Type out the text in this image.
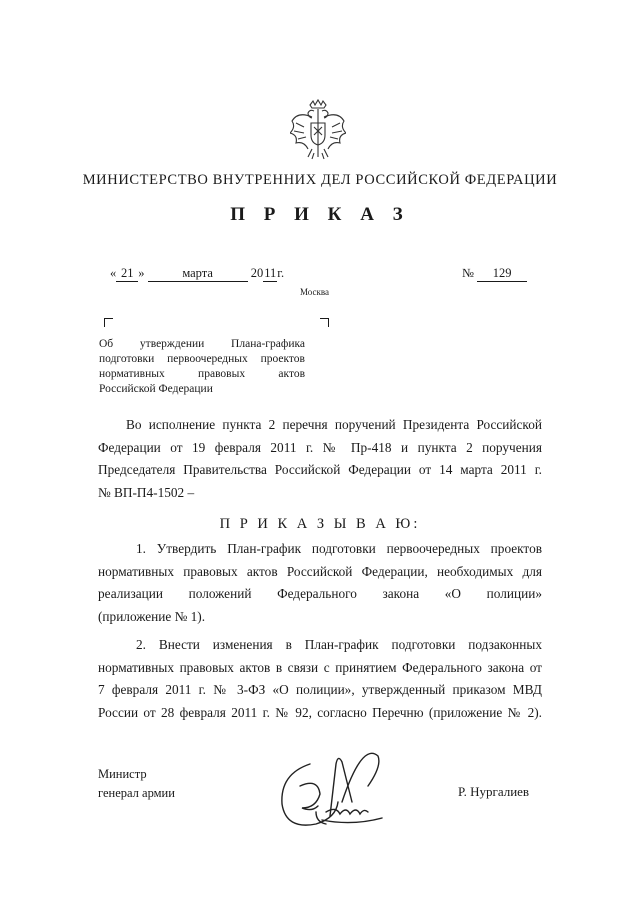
МИНИСТЕРСТВО ВНУТРЕННИХ ДЕЛ РОССИЙСКОЙ ФЕДЕРАЦИИ
П Р И К А З
« 21 »	марта	2011г.	№ 129
Москва
Об утверждении Плана-графика
подготовки первоочередных проектов
нормативных правовых актов
Российской Федерации
Во исполнение пункта 2 перечня поручений Президента Российской
Федерации от 19 февраля 2011 г. № Пр-418 и пункта 2 поручения
Председателя Правительства Российской Федерации от 14 марта 2011 г.
№ ВП-П4-1502 –
П Р И К А З Ы В А Ю:
1. Утвердить План-график подготовки первоочередных проектов
нормативных правовых актов Российской Федерации, необходимых для
реализации положений Федерального закона «О полиции»
(приложение № 1).
2. Внести изменения в План-график подготовки подзаконных
нормативных правовых актов в связи с принятием Федерального закона от
7 февраля 2011 г. № 3-ФЗ «О полиции», утвержденный приказом МВД
России от 28 февраля 2011 г. № 92, согласно Перечню (приложение № 2).
Министр
генерал армии	Р. Нургалиев
